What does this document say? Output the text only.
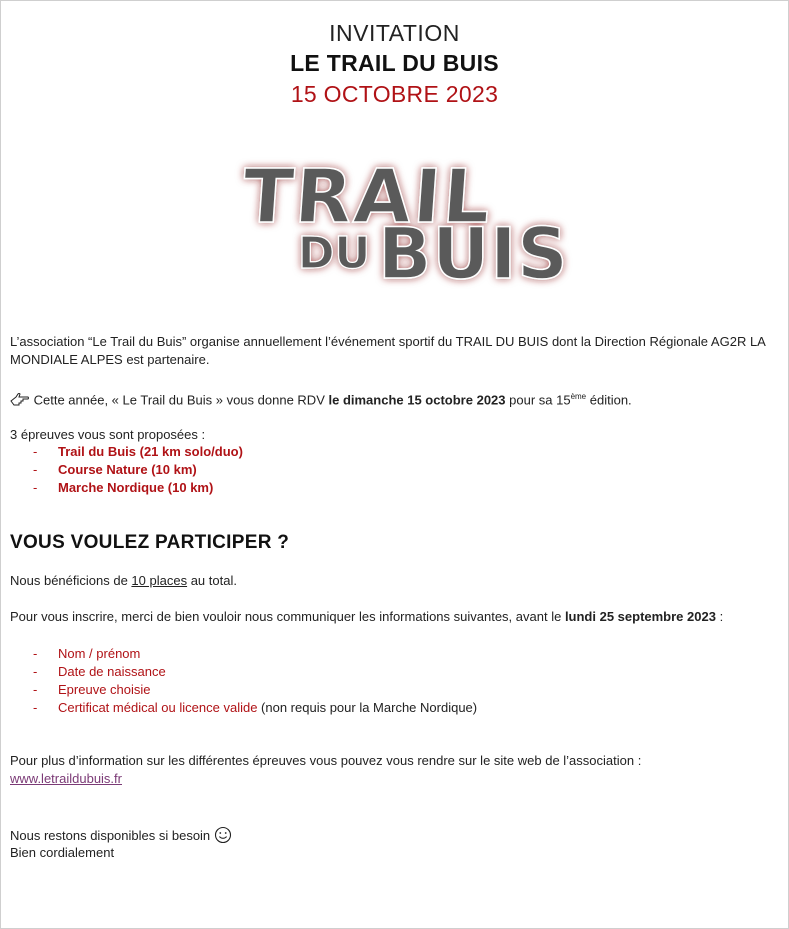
INVITATION
LE TRAIL DU BUIS
15 OCTOBRE 2023
TRAIL
DU BUIS
L’association “Le Trail du Buis” organise annuellement l’événement sportif du TRAIL DU BUIS dont la Direction Régionale AG2R LA MONDIALE ALPES est partenaire.
Cette année, « Le Trail du Buis » vous donne RDV le dimanche 15 octobre 2023 pour sa 15ème édition.
3 épreuves vous sont proposées :
- Trail du Buis (21 km solo/duo)
- Course Nature (10 km)
- Marche Nordique (10 km)
VOUS VOULEZ PARTICIPER ?
Nous bénéficions de 10 places au total.
Pour vous inscrire, merci de bien vouloir nous communiquer les informations suivantes, avant le lundi 25 septembre 2023 :
- Nom / prénom
- Date de naissance
- Epreuve choisie
- Certificat médical ou licence valide (non requis pour la Marche Nordique)
Pour plus d’information sur les différentes épreuves vous pouvez vous rendre sur le site web de l’association :
www.letraildubuis.fr
Nous restons disponibles si besoin
Bien cordialement
